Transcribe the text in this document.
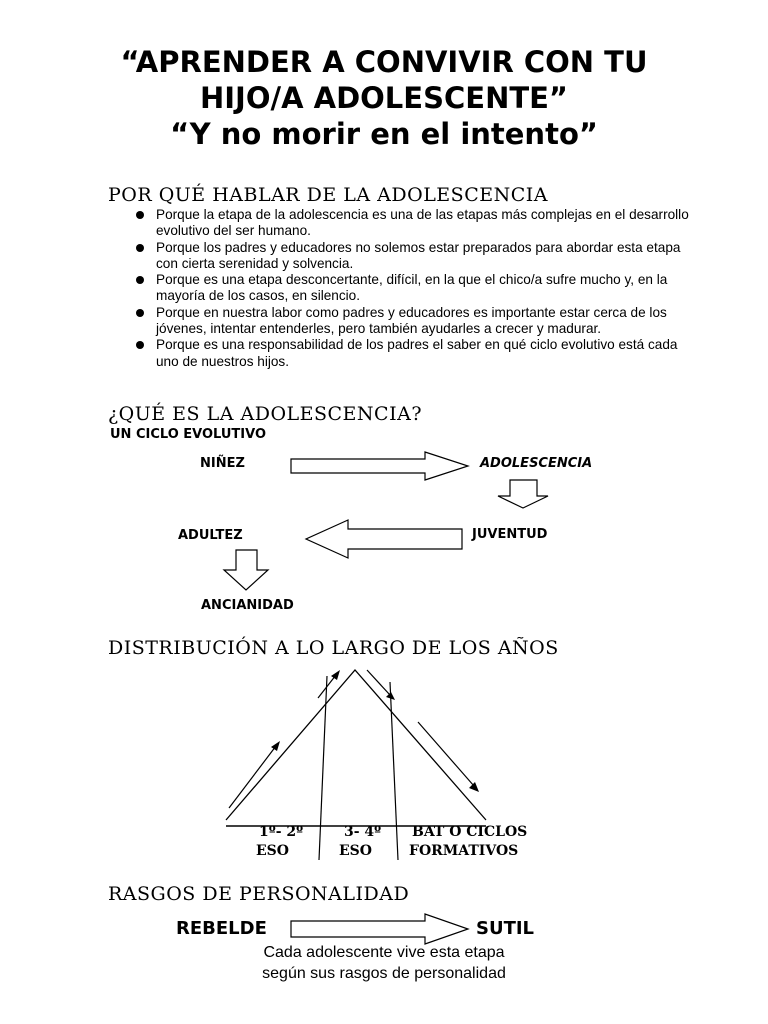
“APRENDER A CONVIVIR CON TU
HIJO/A ADOLESCENTE”
“Y no morir en el intento”
POR QUÉ HABLAR DE LA ADOLESCENCIA
Porque la etapa de la adolescencia es una de las etapas más complejas en el desarrollo evolutivo del ser humano.
Porque los padres y educadores no solemos estar preparados para abordar esta etapa con cierta serenidad y solvencia.
Porque es una etapa desconcertante, difícil, en la que el chico/a sufre mucho y, en la mayoría de los casos, en silencio.
Porque en nuestra labor como padres y educadores es importante estar cerca de los jóvenes, intentar entenderles, pero también ayudarles a crecer y madurar.
Porque es una responsabilidad de los padres el saber en qué ciclo evolutivo está cada uno de nuestros hijos.
¿QUÉ ES LA ADOLESCENCIA?
UN CICLO EVOLUTIVO
NIÑEZ	ADOLESCENCIA
JUVENTUD
ADULTEZ
ANCIANIDAD
DISTRIBUCIÓN A LO LARGO DE LOS AÑOS
1º- 2º
ESO
3- 4º
ESO
BAT O CICLOS
FORMATIVOS
RASGOS DE PERSONALIDAD
REBELDE	SUTIL
Cada adolescente vive esta etapa
según sus rasgos de personalidad
